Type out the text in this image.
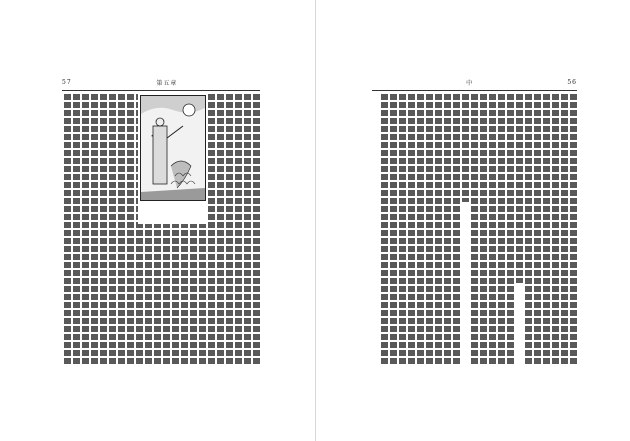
57	第五章	中	56
